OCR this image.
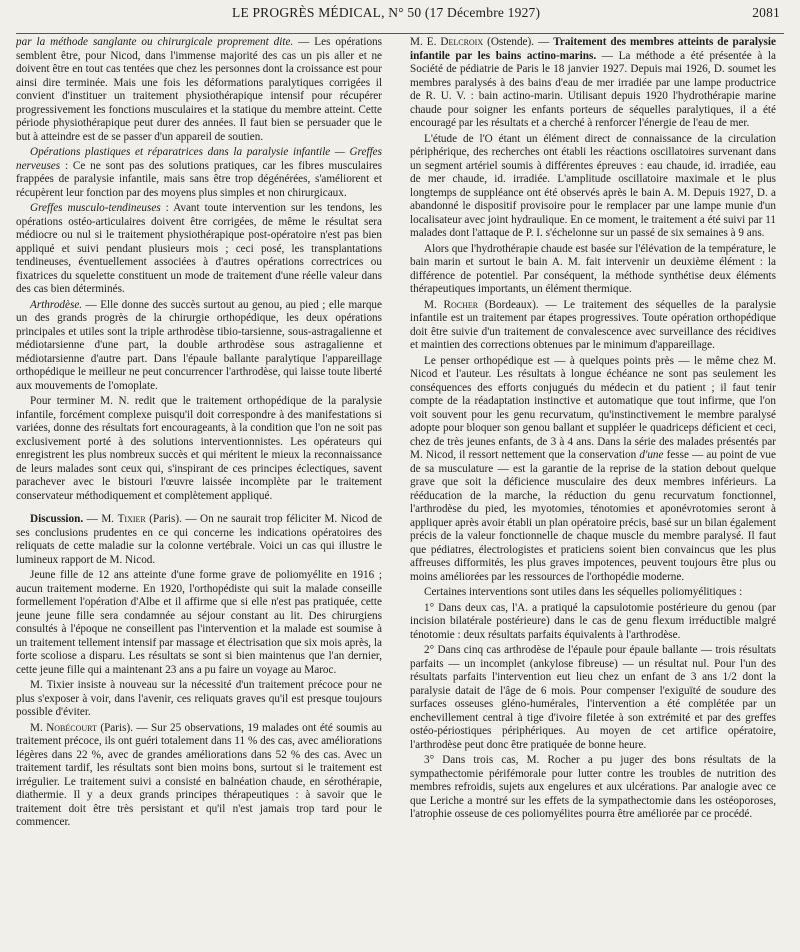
LE PROGRÈS MÉDICAL, N° 50 (17 Décembre 1927)	2081

par la méthode sanglante ou chirurgicale proprement dite. — Les opérations semblent être, pour Nicod, dans l'immense majorité des cas un pis aller et ne doivent être en tout cas tentées que chez les personnes dont la croissance est pour ainsi dire terminée. Mais une fois les déformations paralytiques corrigées il convient d'instituer un traitement physiothérapique intensif pour récupérer progressivement les fonctions musculaires et la statique du membre atteint. Cette période physiothérapique peut durer des années. Il faut bien se persuader que le but à atteindre est de se passer d'un appareil de soutien.

Opérations plastiques et réparatrices dans la paralysie infantile — Greffes nerveuses : Ce ne sont pas des solutions pratiques, car les fibres musculaires frappées de paralysie infantile, mais sans être trop dégénérées, s'améliorent et récupèrent leur fonction par des moyens plus simples et non chirurgicaux.

Greffes musculo-tendineuses : Avant toute intervention sur les tendons, les opérations ostéo-articulaires doivent être corrigées, de même le résultat sera médiocre ou nul si le traitement physiothérapique post-opératoire n'est pas bien appliqué et suivi pendant plusieurs mois ; ceci posé, les transplantations tendineuses, éventuellement associées à d'autres opérations correctrices ou fixatrices du squelette constituent un mode de traitement d'une réelle valeur dans des cas bien déterminés.

Arthrodèse. — Elle donne des succès surtout au genou, au pied ; elle marque un des grands progrès de la chirurgie orthopédique, les deux opérations principales et utiles sont la triple arthrodèse tibio-tarsienne, sous-astragalienne et médiotarsienne d'une part, la double arthrodèse sous astragalienne et médiotarsienne d'autre part. Dans l'épaule ballante paralytique l'appareillage orthopédique le meilleur ne peut concurrencer l'arthrodèse, qui laisse toute liberté aux mouvements de l'omoplate.

Pour terminer M. N. redit que le traitement orthopédique de la paralysie infantile, forcément complexe puisqu'il doit correspondre à des manifestations si variées, donne des résultats fort encourageants, à la condition que l'on ne soit pas exclusivement porté à des solutions interventionnistes. Les opérateurs qui enregistrent les plus nombreux succès et qui méritent le mieux la reconnaissance de leurs malades sont ceux qui, s'inspirant de ces principes éclectiques, savent parachever avec le bistouri l'œuvre laissée incomplète par le traitement conservateur méthodiquement et complètement appliqué.

Discussion. — M. Tixier (Paris). — On ne saurait trop féliciter M. Nicod de ses conclusions prudentes en ce qui concerne les indications opératoires des reliquats de cette maladie sur la colonne vertébrale. Voici un cas qui illustre le lumineux rapport de M. Nicod.

Jeune fille de 12 ans atteinte d'une forme grave de poliomyélite en 1916 ; aucun traitement moderne. En 1920, l'orthopédiste qui suit la malade conseille formellement l'opération d'Albe et il affirme que si elle n'est pas pratiquée, cette jeune jeune fille sera condamnée au séjour constant au lit. Des chirurgiens consultés à l'époque ne conseillent pas l'intervention et la malade est soumise à un traitement tellement intensif par massage et électrisation que six mois après, la forte scoliose a disparu. Les résultats se sont si bien maintenus que l'an dernier, cette jeune fille qui a maintenant 23 ans a pu faire un voyage au Maroc.

M. Tixier insiste à nouveau sur la nécessité d'un traitement précoce pour ne plus s'exposer à voir, dans l'avenir, ces reliquats graves qu'il est presque toujours possible d'éviter.

M. Nobécourt (Paris). — Sur 25 observations, 19 malades ont été soumis au traitement précoce, ils ont guéri totalement dans 11 % des cas, avec améliorations légères dans 22 %, avec de grandes améliorations dans 52 % des cas. Avec un traitement tardif, les résultats sont bien moins bons, surtout si le traitement est irrégulier. Le traitement suivi a consisté en balnéation chaude, en sérothérapie, diathermie. Il y a deux grands principes thérapeutiques : à savoir que le traitement doit être très persistant et qu'il n'est jamais trop tard pour le commencer.

M. E. Delcroix (Ostende). — Traitement des membres atteints de paralysie infantile par les bains actino-marins. — La méthode a été présentée à la Société de pédiatrie de Paris le 18 janvier 1927. Depuis mai 1926, D. soumet les membres paralysés à des bains d'eau de mer irradiée par une lampe productrice de R. U. V. : bain actino-marin. Utilisant depuis 1920 l'hydrothérapie marine chaude pour soigner les enfants porteurs de séquelles paralytiques, il a été encouragé par les résultats et a cherché à renforcer l'énergie de l'eau de mer.

L'étude de l'O étant un élément direct de connaissance de la circulation périphérique, des recherches ont établi les réactions oscillatoires survenant dans un segment artériel soumis à différentes épreuves : eau chaude, id. irradiée, eau de mer chaude, id. irradiée. L'amplitude oscillatoire maximale et le plus longtemps de suppléance ont été observés après le bain A. M. Depuis 1927, D. a abandonné le dispositif provisoire pour le remplacer par une lampe munie d'un localisateur avec joint hydraulique. En ce moment, le traitement a été suivi par 11 malades dont l'attaque de P. I. s'échelonne sur un passé de six semaines à 9 ans.

Alors que l'hydrothérapie chaude est basée sur l'élévation de la température, le bain marin et surtout le bain A. M. fait intervenir un deuxième élément : la différence de potentiel. Par conséquent, la méthode synthétise deux éléments thérapeutiques importants, un élément thermique.

M. Rocher (Bordeaux). — Le traitement des séquelles de la paralysie infantile est un traitement par étapes progressives. Toute opération orthopédique doit être suivie d'un traitement de convalescence avec surveillance des récidives et maintien des corrections obtenues par le minimum d'appareillage.

Le penser orthopédique est — à quelques points près — le même chez M. Nicod et l'auteur. Les résultats à longue échéance ne sont pas seulement les conséquences des efforts conjugués du médecin et du patient ; il faut tenir compte de la réadaptation instinctive et automatique que tout infirme, que l'on voit souvent pour les genu recurvatum, qu'instinctivement le membre paralysé adopte pour bloquer son genou ballant et suppléer le quadriceps déficient et ceci, chez de très jeunes enfants, de 3 à 4 ans. Dans la série des malades présentés par M. Nicod, il ressort nettement que la conservation d'une fesse — au point de vue de sa musculature — est la garantie de la reprise de la station debout quelque grave que soit la déficience musculaire des deux membres inférieurs. La rééducation de la marche, la réduction du genu recurvatum fonctionnel, l'arthrodèse du pied, les myotomies, ténotomies et aponévrotomies seront à appliquer après avoir établi un plan opératoire précis, basé sur un bilan également précis de la valeur fonctionnelle de chaque muscle du membre paralysé. Il faut que pédiatres, électrologistes et praticiens soient bien convaincus que les plus affreuses difformités, les plus graves impotences, peuvent toujours être plus ou moins améliorées par les ressources de l'orthopédie moderne.

Certaines interventions sont utiles dans les séquelles poliomyélitiques :

1° Dans deux cas, l'A. a pratiqué la capsulotomie postérieure du genou (par incision bilatérale postérieure) dans le cas de genu flexum irréductible malgré ténotomie : deux résultats parfaits équivalents à l'arthrodèse.

2° Dans cinq cas arthrodèse de l'épaule pour épaule ballante — trois résultats parfaits — un incomplet (ankylose fibreuse) — un résultat nul. Pour l'un des résultats parfaits l'intervention eut lieu chez un enfant de 3 ans 1/2 dont la paralysie datait de l'âge de 6 mois. Pour compenser l'exiguïté de soudure des surfaces osseuses gléno-humérales, l'intervention a été complétée par un enchevillement central à tige d'ivoire filetée à son extrémité et par des greffes ostéo-périostiques périphériques. Au moyen de cet artifice opératoire, l'arthrodèse peut donc être pratiquée de bonne heure.

3° Dans trois cas, M. Rocher a pu juger des bons résultats de la sympathectomie périfémorale pour lutter contre les troubles de nutrition des membres refroidis, sujets aux engelures et aux ulcérations. Par analogie avec ce que Leriche a montré sur les effets de la sympathectomie dans les ostéoporoses, l'atrophie osseuse de ces poliomyélites pourra être améliorée par ce procédé.
